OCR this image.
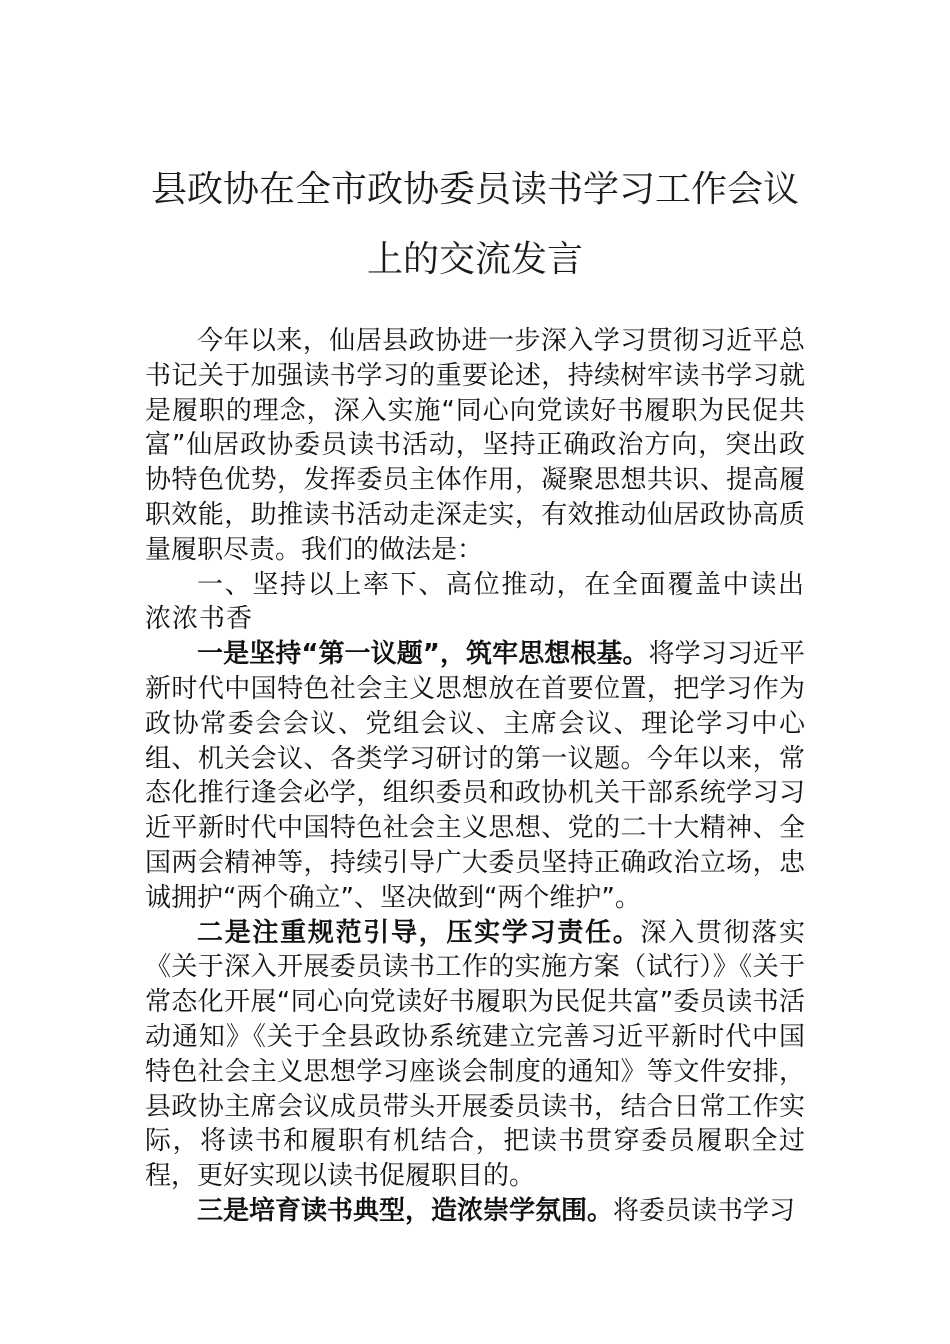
县政协在全市政协委员读书学习工作会议
上的交流发言

今年以来，仙居县政协进一步深入学习贯彻习近平总书记关于加强读书学习的重要论述，持续树牢读书学习就是履职的理念，深入实施“同心向党读好书履职为民促共富”仙居政协委员读书活动，坚持正确政治方向，突出政协特色优势，发挥委员主体作用，凝聚思想共识、提高履职效能，助推读书活动走深走实，有效推动仙居政协高质量履职尽责。我们的做法是：

一、坚持以上率下、高位推动，在全面覆盖中读出浓浓书香

一是坚持“第一议题”，筑牢思想根基。将学习习近平新时代中国特色社会主义思想放在首要位置，把学习作为政协常委会会议、党组会议、主席会议、理论学习中心组、机关会议、各类学习研讨的第一议题。今年以来，常态化推行逢会必学，组织委员和政协机关干部系统学习习近平新时代中国特色社会主义思想、党的二十大精神、全国两会精神等，持续引导广大委员坚持正确政治立场，忠诚拥护“两个确立”、坚决做到“两个维护”。

二是注重规范引导，压实学习责任。深入贯彻落实《关于深入开展委员读书工作的实施方案（试行）》《关于常态化开展“同心向党读好书履职为民促共富”委员读书活动通知》《关于全县政协系统建立完善习近平新时代中国特色社会主义思想学习座谈会制度的通知》等文件安排，县政协主席会议成员带头开展委员读书，结合日常工作实际，将读书和履职有机结合，把读书贯穿委员履职全过程，更好实现以读书促履职目的。

三是培育读书典型，造浓崇学氛围。将委员读书学习
